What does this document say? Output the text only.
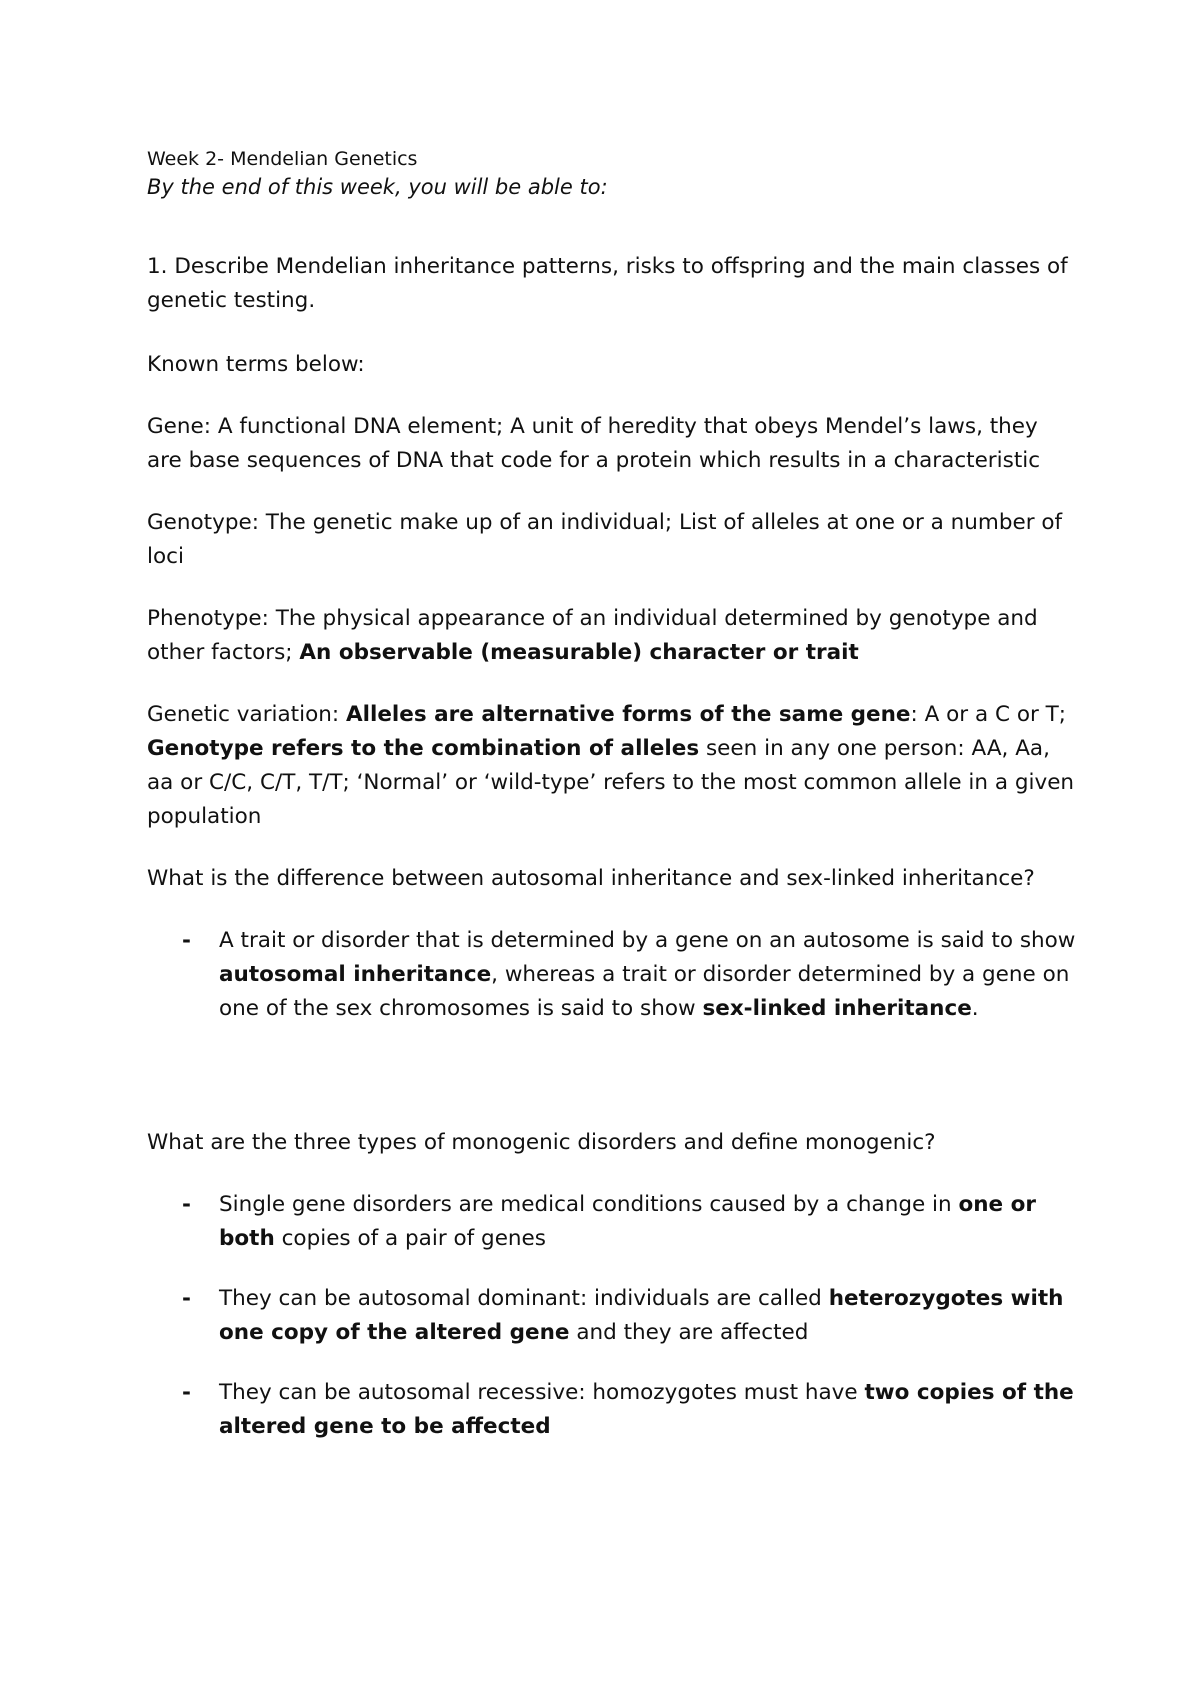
Week 2- Mendelian Genetics

By the end of this week, you will be able to:

1. Describe Mendelian inheritance patterns, risks to offspring and the main classes of genetic testing.

Known terms below:

Gene: A functional DNA element; A unit of heredity that obeys Mendel’s laws, they are base sequences of DNA that code for a protein which results in a characteristic

Genotype: The genetic make up of an individual; List of alleles at one or a number of loci

Phenotype: The physical appearance of an individual determined by genotype and other factors; An observable (measurable) character or trait

Genetic variation: Alleles are alternative forms of the same gene: A or a C or T; Genotype refers to the combination of alleles seen in any one person: AA, Aa, aa or C/C, C/T, T/T; ‘Normal’ or ‘wild-type’ refers to the most common allele in a given population

What is the difference between autosomal inheritance and sex-linked inheritance?

- A trait or disorder that is determined by a gene on an autosome is said to show autosomal inheritance, whereas a trait or disorder determined by a gene on one of the sex chromosomes is said to show sex-linked inheritance.

What are the three types of monogenic disorders and define monogenic?

- Single gene disorders are medical conditions caused by a change in one or both copies of a pair of genes
- They can be autosomal dominant: individuals are called heterozygotes with one copy of the altered gene and they are affected
- They can be autosomal recessive: homozygotes must have two copies of the altered gene to be affected
